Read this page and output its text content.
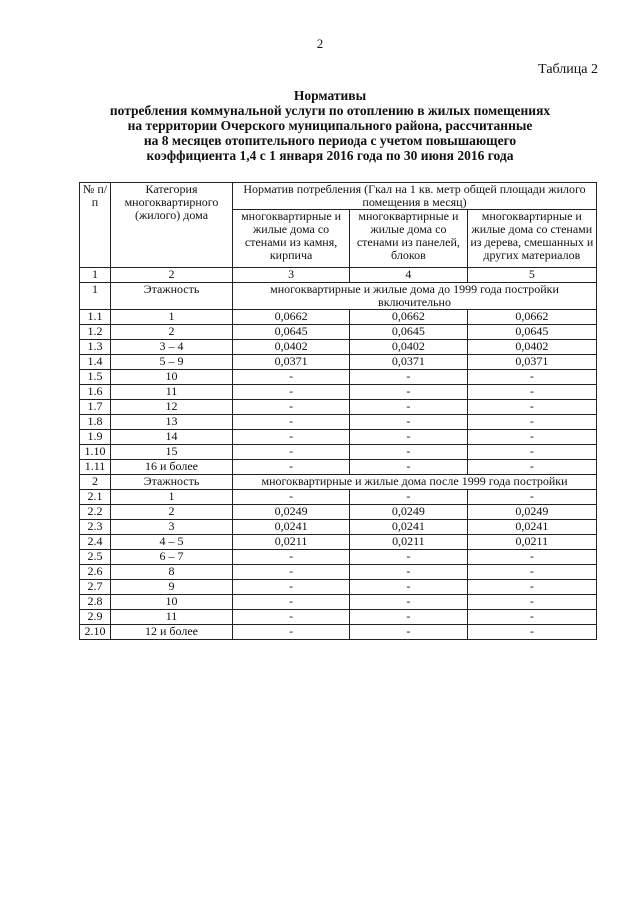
2
Таблица 2
Нормативы
потребления коммунальной услуги по отоплению в жилых помещениях
на территории Очерского муниципального района, рассчитанные
на 8 месяцев отопительного периода с учетом повышающего
коэффициента 1,4 с 1 января 2016 года по 30 июня 2016 года
№ п/п	Категория многоквартирного (жилого) дома	Норматив потребления (Гкал на 1 кв. метр общей площади жилого помещения в месяц)		
		многоквартирные и жилые дома со стенами из камня, кирпича	многоквартирные и жилые дома со стенами из панелей, блоков	многоквартирные и жилые дома со стенами из дерева, смешанных и других материалов
1	2	3	4	5
1	Этажность	многоквартирные и жилые дома до 1999 года постройки включительно		
1.1	1	0,0662	0,0662	0,0662
1.2	2	0,0645	0,0645	0,0645
1.3	3 – 4	0,0402	0,0402	0,0402
1.4	5 – 9	0,0371	0,0371	0,0371
1.5	10	-	-	-
1.6	11	-	-	-
1.7	12	-	-	-
1.8	13	-	-	-
1.9	14	-	-	-
1.10	15	-	-	-
1.11	16 и более	-	-	-
2	Этажность	многоквартирные и жилые дома после 1999 года постройки		
2.1	1	-	-	-
2.2	2	0,0249	0,0249	0,0249
2.3	3	0,0241	0,0241	0,0241
2.4	4 – 5	0,0211	0,0211	0,0211
2.5	6 – 7	-	-	-
2.6	8	-	-	-
2.7	9	-	-	-
2.8	10	-	-	-
2.9	11	-	-	-
2.10	12 и более	-	-	-
